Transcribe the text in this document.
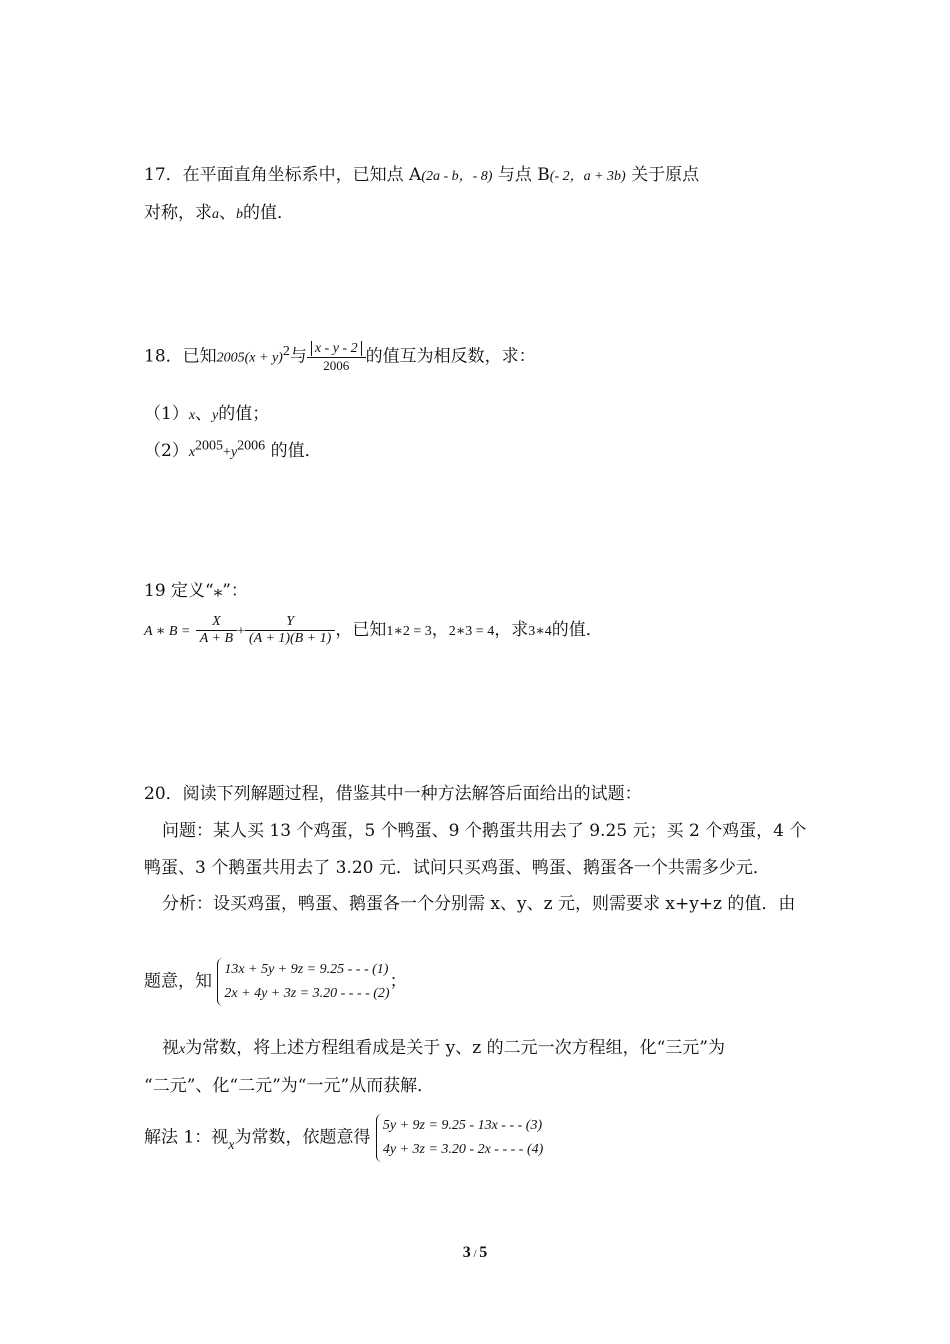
17．在平面直角坐标系中，已知点 A(2a - b，- 8) 与点 B(- 2，a + 3b) 关于原点
对称，求a、b的值．
18．已知$2005(x + y)^2$与 $\frac{x - y - 2}{2006}$ 的值互为相反数，求：
（1）x、y的值；
$(2)x^{2005}+y^{2006}$ 的值．
19 定义“⁎”：
A ∗ $B = \frac{X}{A + B} + \frac{Y}{(A + 1)(B + 1)}$ ，已知1∗2 = 3，2∗3 = 4，求3∗4的值．
20．阅读下列解题过程，借鉴其中一种方法解答后面给出的试题：
问题：某人买 13 个鸡蛋，5 个鸭蛋、9 个鹅蛋共用去了 9.25 元；买 2 个鸡蛋，4 个
鸭蛋、3 个鹅蛋共用去了 3.20 元．试问只买鸡蛋、鸭蛋、鹅蛋各一个共需多少元．
分析：设买鸡蛋，鸭蛋、鹅蛋各一个分别需 x、y、z 元，则需要求 x+y+z 的值．由
题意，知
13x + 5y + 9z = 9.25 - - - (1)
2x + 4y + 3z = 3.20 - - - - (2)
；
视x为常数，将上述方程组看成是关于 y、z 的二元一次方程组，化“三元”为
“二元”、化“二元”为“一元”从而获解．
解法 1：视$_x$为常数，依题意得
5y + 9z = 9.25 - 13x - - - (3)
4y + 3z = 3.20 - 2x - - - - (4)
3 / 5
